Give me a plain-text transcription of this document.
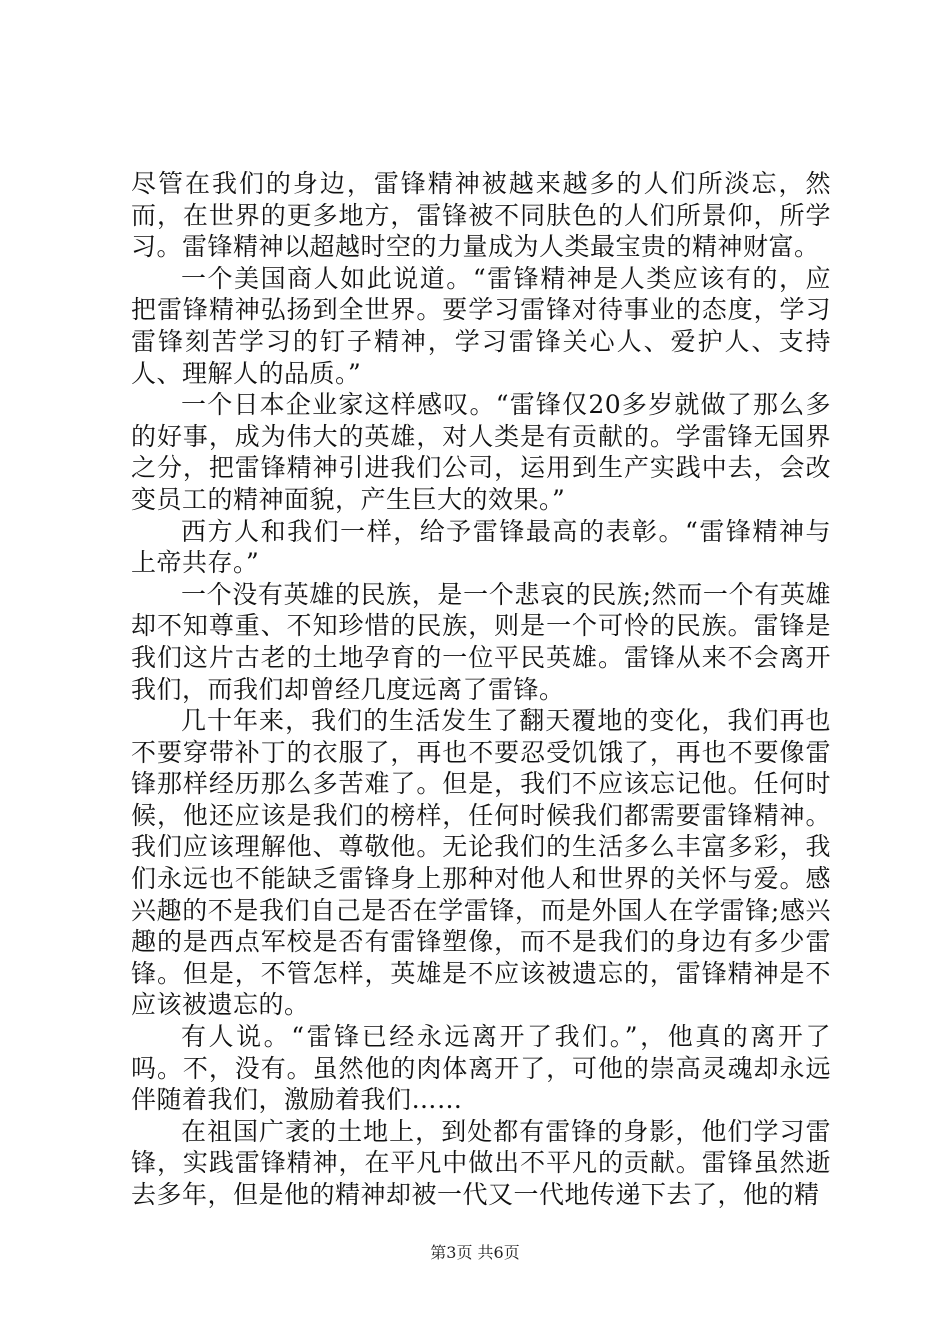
尽管在我们的身边，雷锋精神被越来越多的人们所淡忘，然而，在世界的更多地方，雷锋被不同肤色的人们所景仰，所学习。雷锋精神以超越时空的力量成为人类最宝贵的精神财富。

一个美国商人如此说道。“雷锋精神是人类应该有的，应把雷锋精神弘扬到全世界。要学习雷锋对待事业的态度，学习雷锋刻苦学习的钉子精神，学习雷锋关心人、爱护人、支持人、理解人的品质。”

一个日本企业家这样感叹。“雷锋仅20多岁就做了那么多的好事，成为伟大的英雄，对人类是有贡献的。学雷锋无国界之分，把雷锋精神引进我们公司，运用到生产实践中去，会改变员工的精神面貌，产生巨大的效果。”

西方人和我们一样，给予雷锋最高的表彰。“雷锋精神与上帝共存。”

一个没有英雄的民族，是一个悲哀的民族;然而一个有英雄却不知尊重、不知珍惜的民族，则是一个可怜的民族。雷锋是我们这片古老的土地孕育的一位平民英雄。雷锋从来不会离开我们，而我们却曾经几度远离了雷锋。

几十年来，我们的生活发生了翻天覆地的变化，我们再也不要穿带补丁的衣服了，再也不要忍受饥饿了，再也不要像雷锋那样经历那么多苦难了。但是，我们不应该忘记他。任何时候，他还应该是我们的榜样，任何时候我们都需要雷锋精神。我们应该理解他、尊敬他。无论我们的生活多么丰富多彩，我们永远也不能缺乏雷锋身上那种对他人和世界的关怀与爱。感兴趣的不是我们自己是否在学雷锋，而是外国人在学雷锋;感兴趣的是西点军校是否有雷锋塑像，而不是我们的身边有多少雷锋。但是，不管怎样，英雄是不应该被遗忘的，雷锋精神是不应该被遗忘的。

有人说。“雷锋已经永远离开了我们。”，他真的离开了吗。不，没有。虽然他的肉体离开了，可他的崇高灵魂却永远伴随着我们，激励着我们……

在祖国广袤的土地上，到处都有雷锋的身影，他们学习雷锋，实践雷锋精神，在平凡中做出不平凡的贡献。雷锋虽然逝去多年，但是他的精神却被一代又一代地传递下去了，他的精

第3页 共6页
